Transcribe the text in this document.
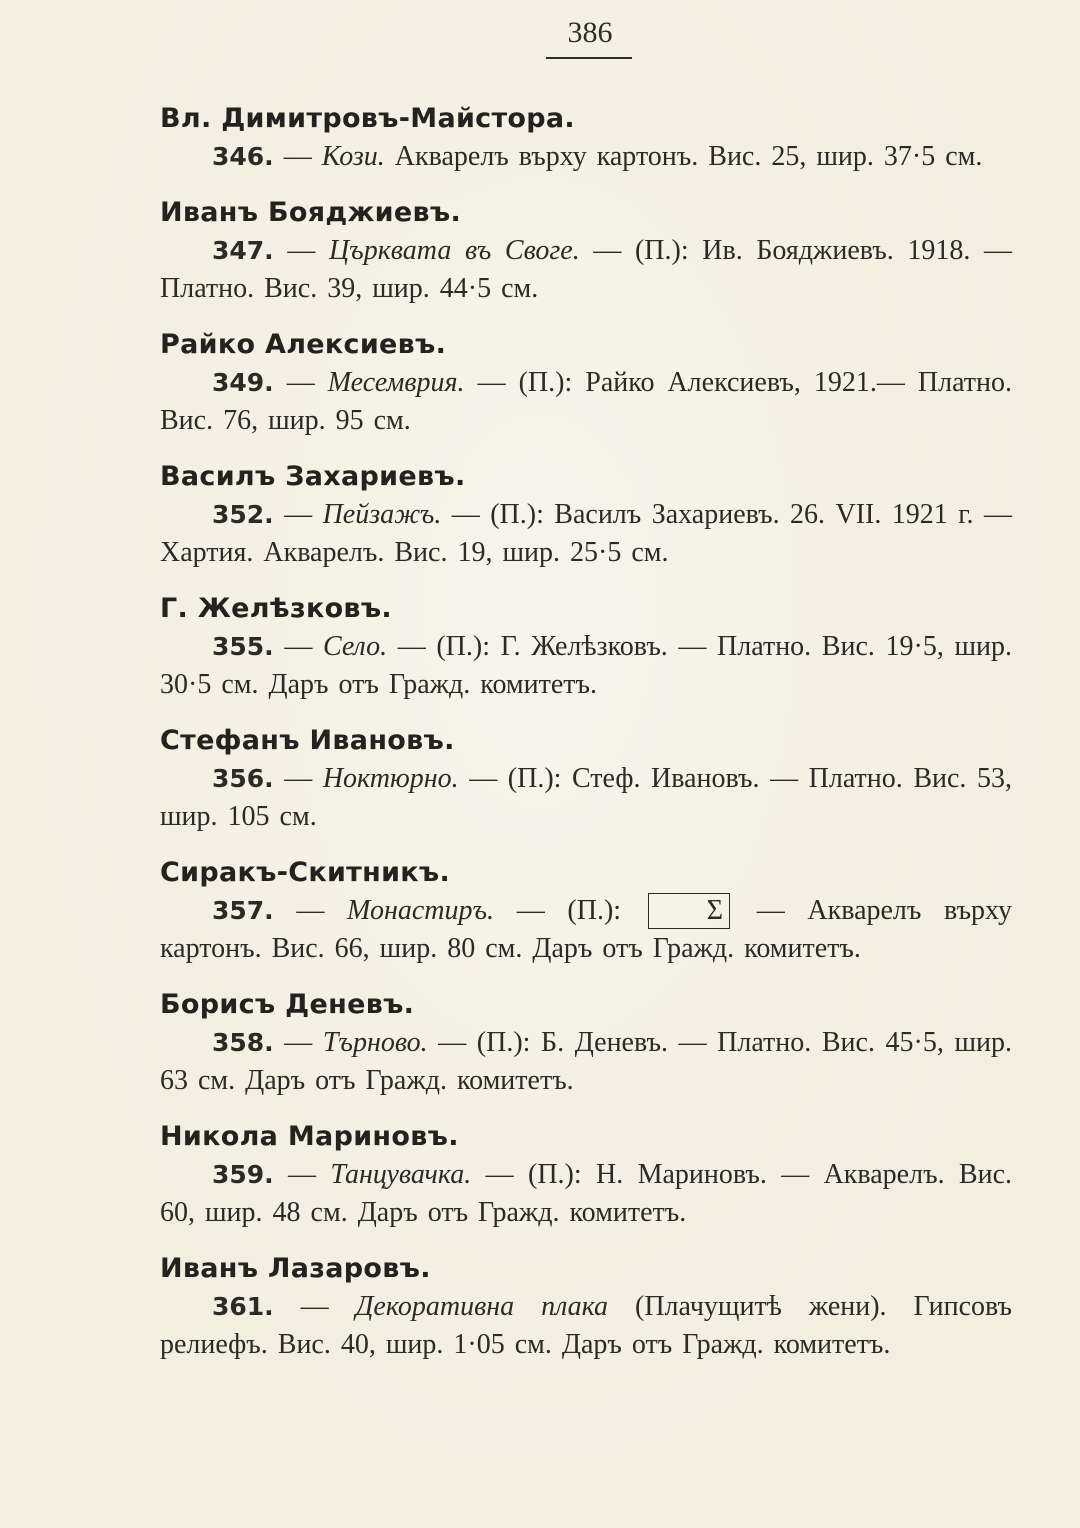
386
Вл. Димитровъ-Майстора.
346. — Кози. Акварелъ върху картонъ. Вис. 25, шир. 37·5 см.
Иванъ Бояджиевъ.
347. — Църквата въ Своге. — (П.): Ив. Бояджиевъ. 1918. — Платно. Вис. 39, шир. 44·5 см.
Райко Алексиевъ.
349. — Месемврия. — (П.): Райко Алексиевъ, 1921.— Платно. Вис. 76, шир. 95 см.
Василъ Захариевъ.
352. — Пейзажъ. — (П.): Василъ Захариевъ. 26. VII. 1921 г. — Хартия. Акварелъ. Вис. 19, шир. 25·5 см.
Г. Желѣзковъ.
355. — Село. — (П.): Г. Желѣзковъ. — Платно. Вис. 19·5, шир. 30·5 см. Даръ отъ Гражд. комитетъ.
Стефанъ Ивановъ.
356. — Ноктюрно. — (П.): Стеф. Ивановъ. — Платно. Вис. 53, шир. 105 см.
Сиракъ-Скитникъ.
357. — Монастиръ. — (П.): Σ — Акварелъ върху картонъ. Вис. 66, шир. 80 см. Даръ отъ Гражд. комитетъ.
Борисъ Деневъ.
358. — Търново. — (П.): Б. Деневъ. — Платно. Вис. 45·5, шир. 63 см. Даръ отъ Гражд. комитетъ.
Никола Мариновъ.
359. — Танцувачка. — (П.): Н. Мариновъ. — Акварелъ. Вис. 60, шир. 48 см. Даръ отъ Гражд. комитетъ.
Иванъ Лазаровъ.
361. — Декоративна плака (Плачущитѣ жени). Гипсовъ релиефъ. Вис. 40, шир. 1·05 см. Даръ отъ Гражд. комитетъ.
